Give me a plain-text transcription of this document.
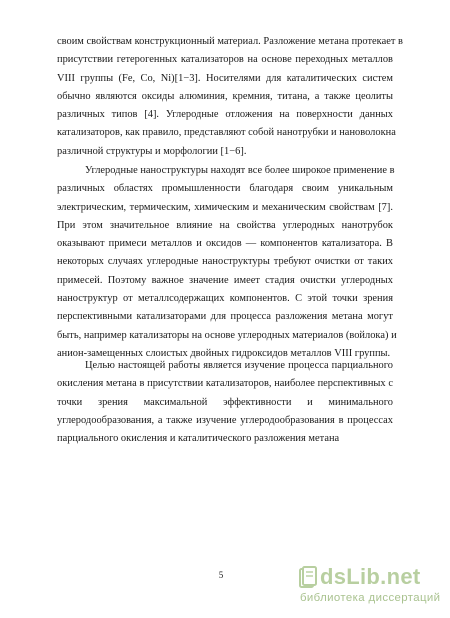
своим свойствам конструкционный материал. Разложение метана протекает в
присутствии гетерогенных катализаторов на основе переходных металлов
VIII группы (Fe, Co, Ni)[1−3]. Носителями для каталитических систем
обычно являются оксиды алюминия, кремния, титана, а также цеолиты
различных типов [4]. Углеродные отложения на поверхности данных
катализаторов, как правило, представляют собой нанотрубки и нановолокна
различной структуры и морфологии [1−6].

Углеродные наноструктуры находят все более широкое применение в
различных областях промышленности благодаря своим уникальным
электрическим, термическим, химическим и механическим свойствам [7].
При этом значительное влияние на свойства углеродных нанотрубок
оказывают примеси металлов и оксидов — компонентов катализатора. В
некоторых случаях углеродные наноструктуры требуют очистки от таких
примесей. Поэтому важное значение имеет стадия очистки углеродных
наноструктур от металлсодержащих компонентов. С этой точки зрения
перспективными катализаторами для процесса разложения метана могут
быть, например катализаторы на основе углеродных материалов (войлока) и
анион-замещенных слоистых двойных гидроксидов металлов VIII группы.

Целью настоящей работы является изучение процесса парциального
окисления метана в присутствии катализаторов, наиболее перспективных с
точки зрения максимальной эффективности и минимального
углеродообразования, а также изучение углеродообразования в процессах
парциального окисления и каталитического разложения метана

5	dsLib.net
библиотека диссертаций
